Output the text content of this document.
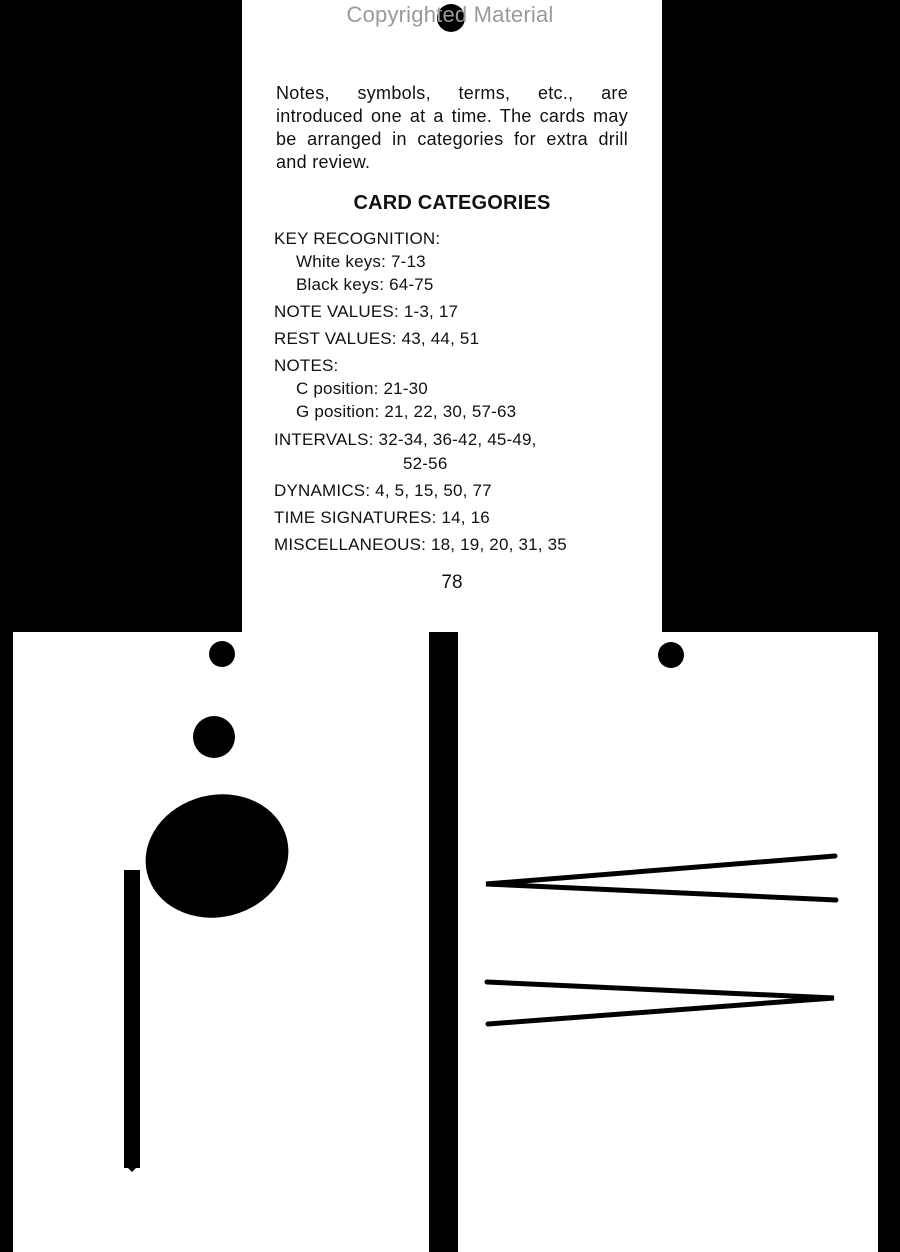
Copyrighted Material
Notes, symbols, terms, etc., are introduced one at a time. The cards may be arranged in categories for extra drill and review.
CARD CATEGORIES
KEY RECOGNITION:
White keys: 7-13
Black keys: 64-75
NOTE VALUES: 1-3, 17
REST VALUES: 43, 44, 51
NOTES:
C position: 21-30
G position: 21, 22, 30, 57-63
INTERVALS: 32-34, 36-42, 45-49,
52-56
DYNAMICS: 4, 5, 15, 50, 77
TIME SIGNATURES: 14, 16
MISCELLANEOUS: 18, 19, 20, 31, 35
78
